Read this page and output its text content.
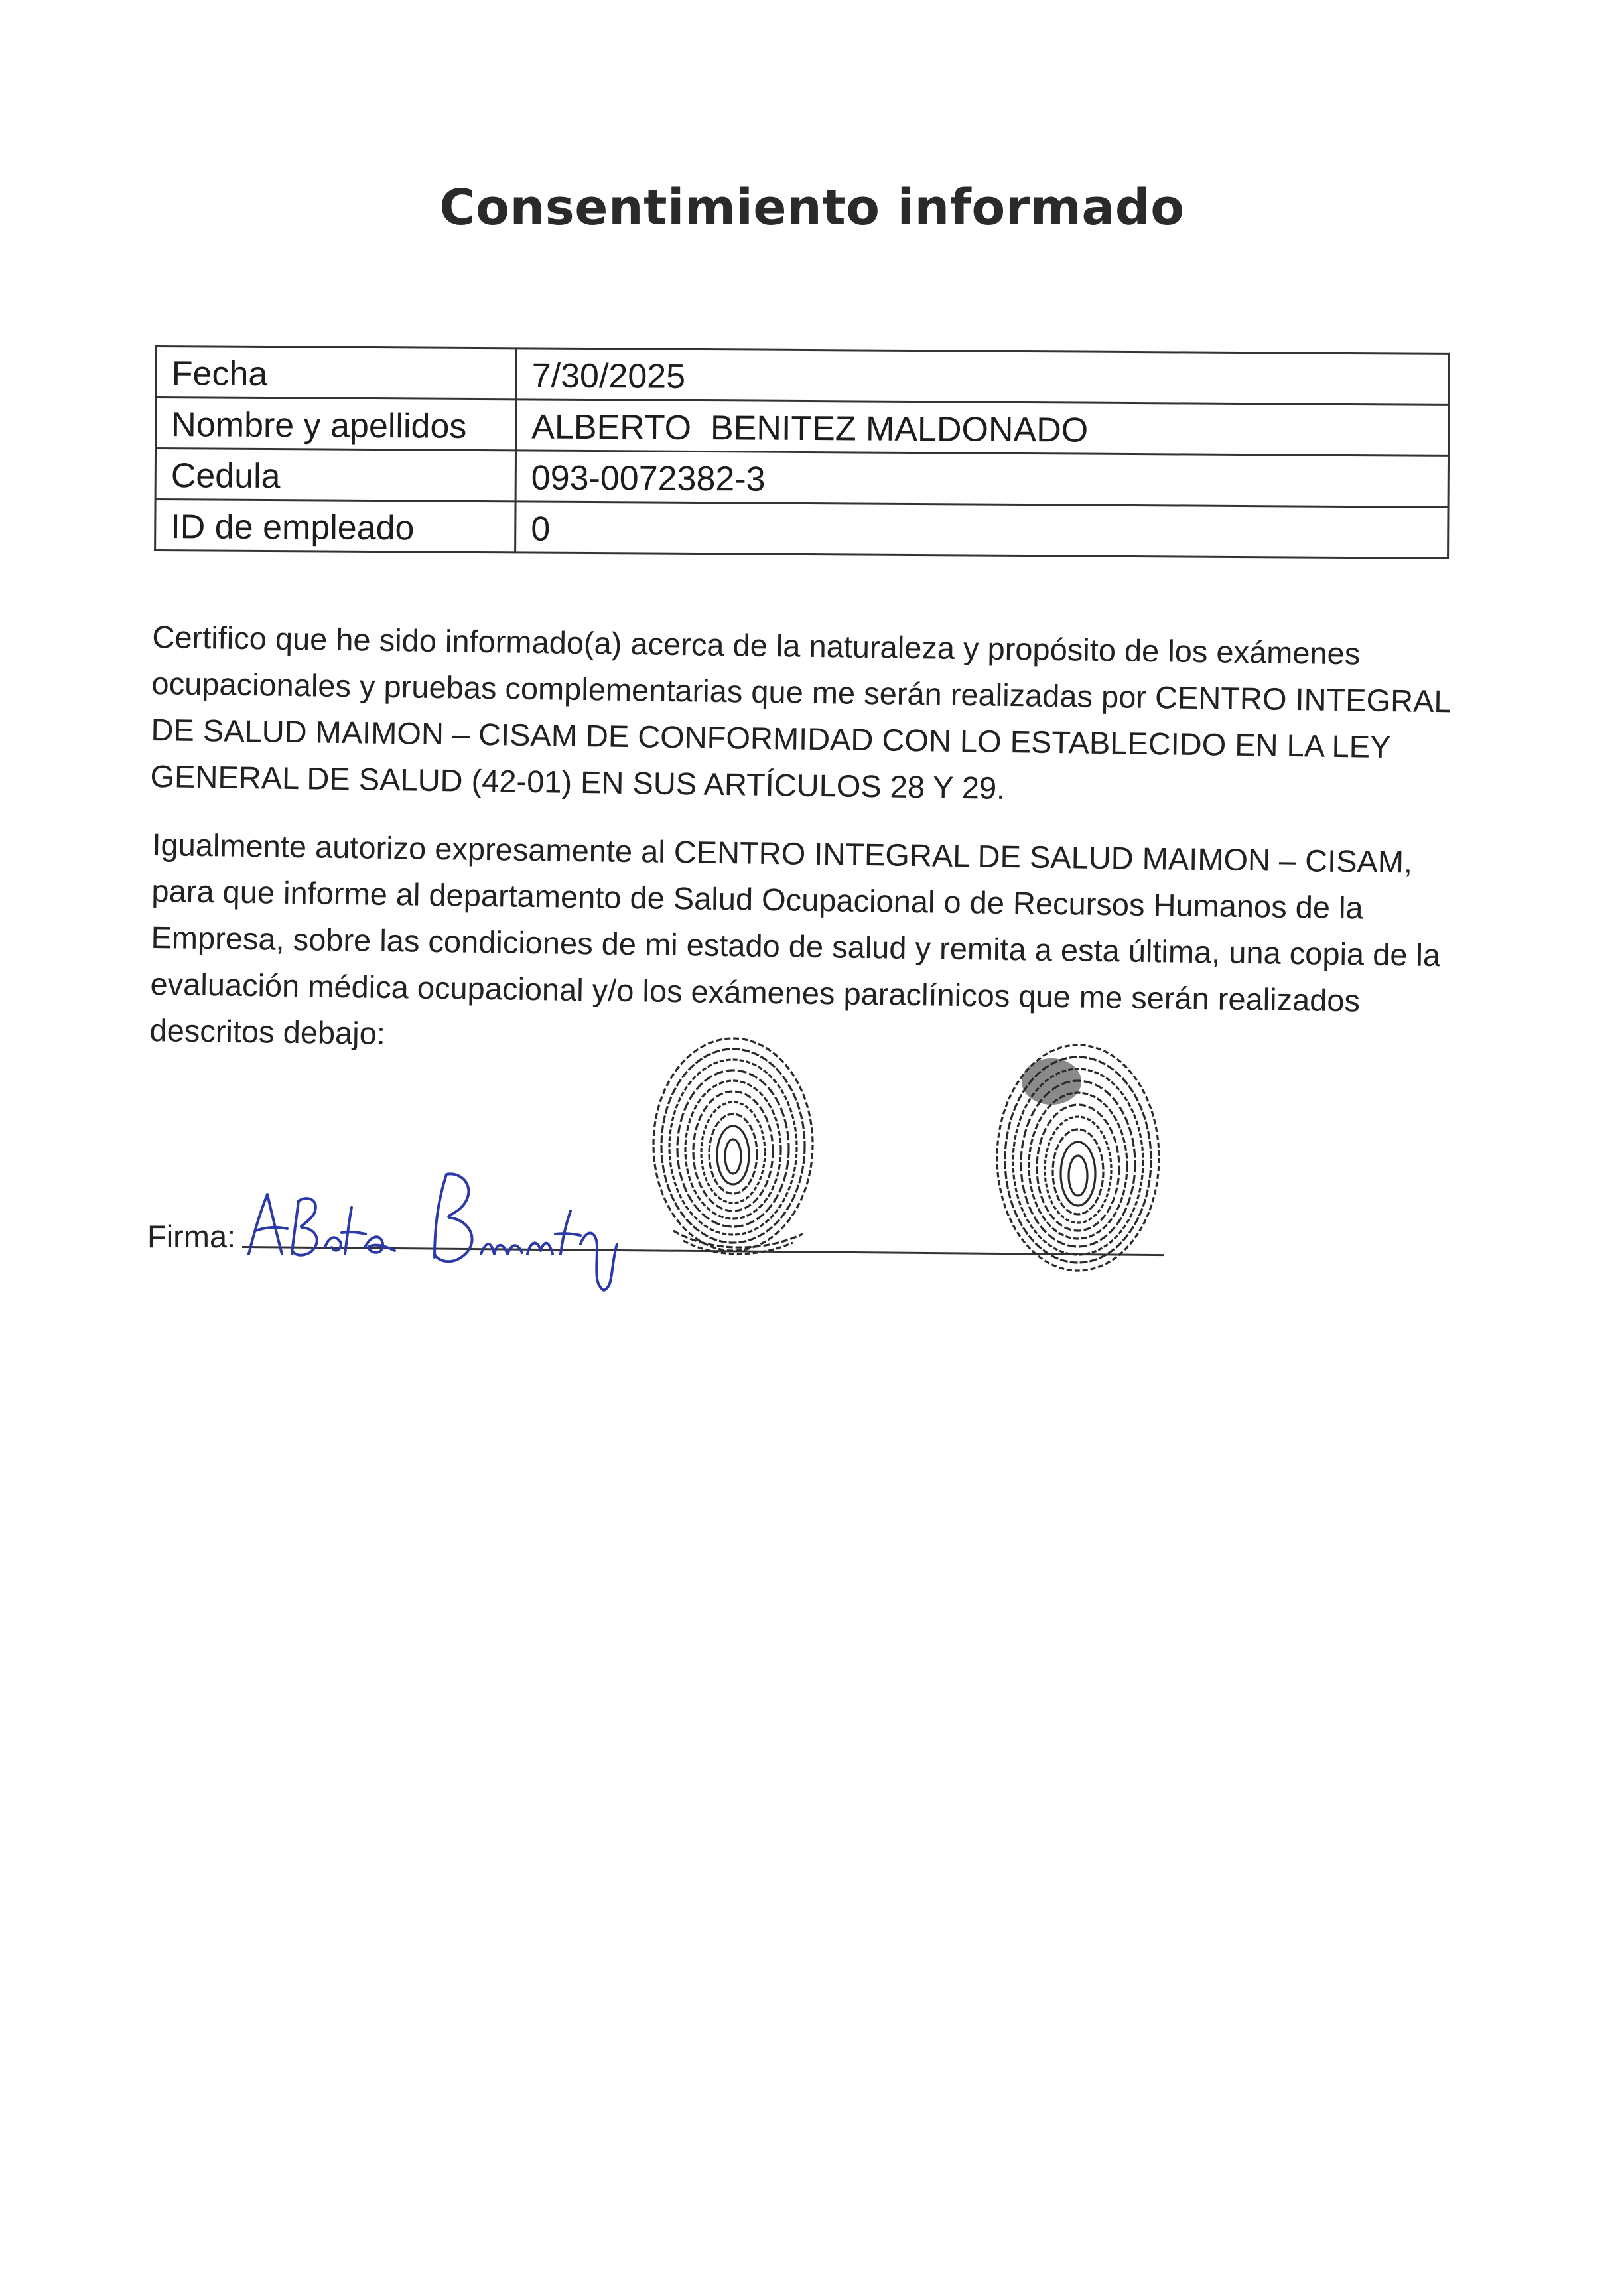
Consentimiento informado
Fecha	7/30/2025
Nombre y apellidos	ALBERTO  BENITEZ MALDONADO
Cedula	093-0072382-3
ID de empleado	0
Certifico que he sido informado(a) acerca de la naturaleza y propósito de los exámenes ocupacionales y pruebas complementarias que me serán realizadas por CENTRO INTEGRAL DE SALUD MAIMON – CISAM DE CONFORMIDAD CON LO ESTABLECIDO EN LA LEY GENERAL DE SALUD (42-01) EN SUS ARTÍCULOS 28 Y 29.
Igualmente autorizo expresamente al CENTRO INTEGRAL DE SALUD MAIMON – CISAM, para que informe al departamento de Salud Ocupacional o de Recursos Humanos de la Empresa, sobre las condiciones de mi estado de salud y remita a esta última, una copia de la evaluación médica ocupacional y/o los exámenes paraclínicos que me serán realizados descritos debajo:
Firma:
